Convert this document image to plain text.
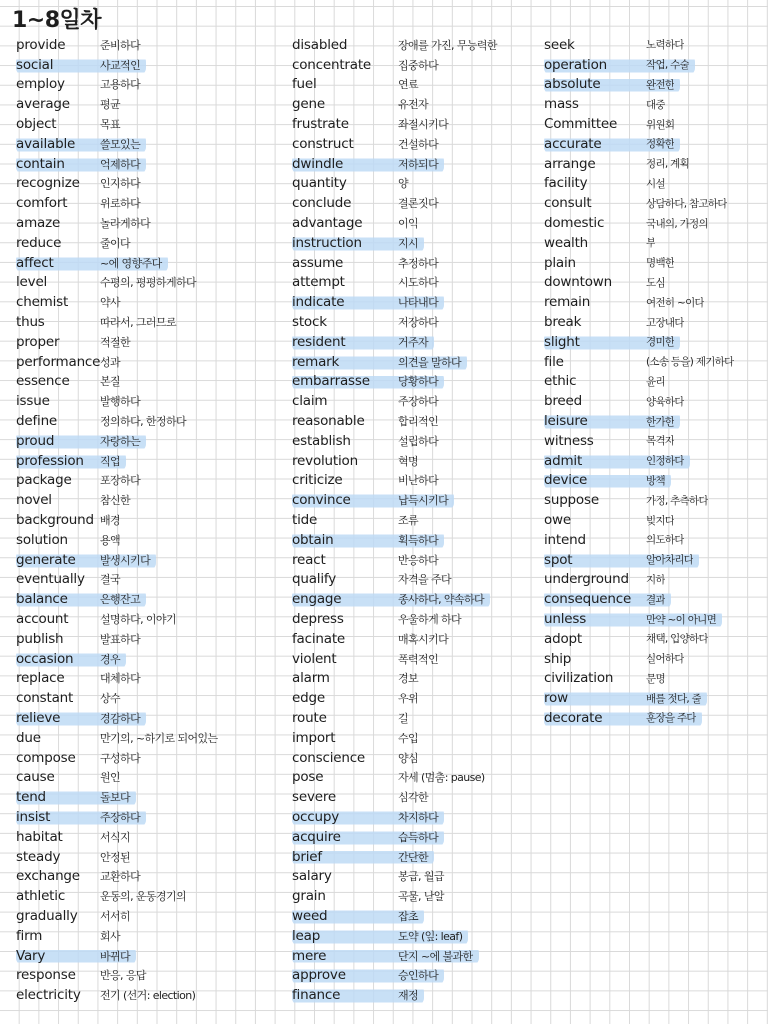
1~8일차
provide	준비하다
social	사교적인
employ	고용하다
average	평균
object	목표
available	쓸모있는
contain	억제하다
recognize	인지하다
comfort	위로하다
amaze	놀라게하다
reduce	줄이다
affect	~에 영향주다
level	수평의, 평평하게하다
chemist	약사
thus	따라서, 그러므로
proper	적절한
performance 성과
essence	본질
issue	발행하다
define	정의하다, 한정하다
proud	자랑하는
profession	직업
package	포장하다
novel	참신한
background 배경
solution	용액
generate	발생시키다
eventually	결국
balance	은행잔고
account	설명하다, 이야기
publish	발표하다
occasion	경우
replace	대체하다
constant	상수
relieve	경감하다
due	만기의, ~하기로 되어있는
compose	구성하다
cause	원인
tend	돌보다
insist	주장하다
habitat	서식지
steady	안정된
exchange	교환하다
athletic	운동의, 운동경기의
gradually	서서히
firm	회사
Vary	바뀌다
response	반응, 응답
electricity	전기 (선거: election)
disabled	장애를 가진, 무능력한
concentrate	집중하다
fuel	연료
gene	유전자
frustrate	좌절시키다
construct	건설하다
dwindle	저하되다
quantity	양
conclude	결론짓다
advantage	이익
instruction	지시
assume	추정하다
attempt	시도하다
indicate	나타내다
stock	저장하다
resident	거주자
remark	의견을 말하다
embarrasse	당황하다
claim	주장하다
reasonable	합리적인
establish	설립하다
revolution	혁명
criticize	비난하다
convince	납득시키다
tide	조류
obtain	획득하다
react	반응하다
qualify	자격을 주다
engage	종사하다, 약속하다
depress	우울하게 하다
facinate	매혹시키다
violent	폭력적인
alarm	경보
edge	우위
route	길
import	수입
conscience	양심
pose	자세 (멈춤: pause)
severe	심각한
occupy	차지하다
acquire	습득하다
brief	간단한
salary	봉급, 월급
grain	곡물, 낟알
weed	잡초
leap	도약 (잎: leaf)
mere	단지 ~에 불과한
approve	승인하다
finance	재정
seek	노력하다
operation	작업, 수술
absolute	완전한
mass	대중
Committee	위원회
accurate	정확한
arrange	정리, 계획
facility	시설
consult	상담하다, 참고하다
domestic	국내의, 가정의
wealth	부
plain	명백한
downtown	도심
remain	여전히 ~이다
break	고장내다
slight	경미한
file	(소송 등을) 제기하다
ethic	윤리
breed	양육하다
leisure	한가한
witness	목격자
admit	인정하다
device	방책
suppose	가정, 추측하다
owe	빚지다
intend	의도하다
spot	알아차리다
underground	지하
consequence	결과
unless	만약 ~이 아니면
adopt	채택, 입양하다
ship	실어하다
civilization	문명
row	배를 젓다, 줄
decorate	훈장을 주다
